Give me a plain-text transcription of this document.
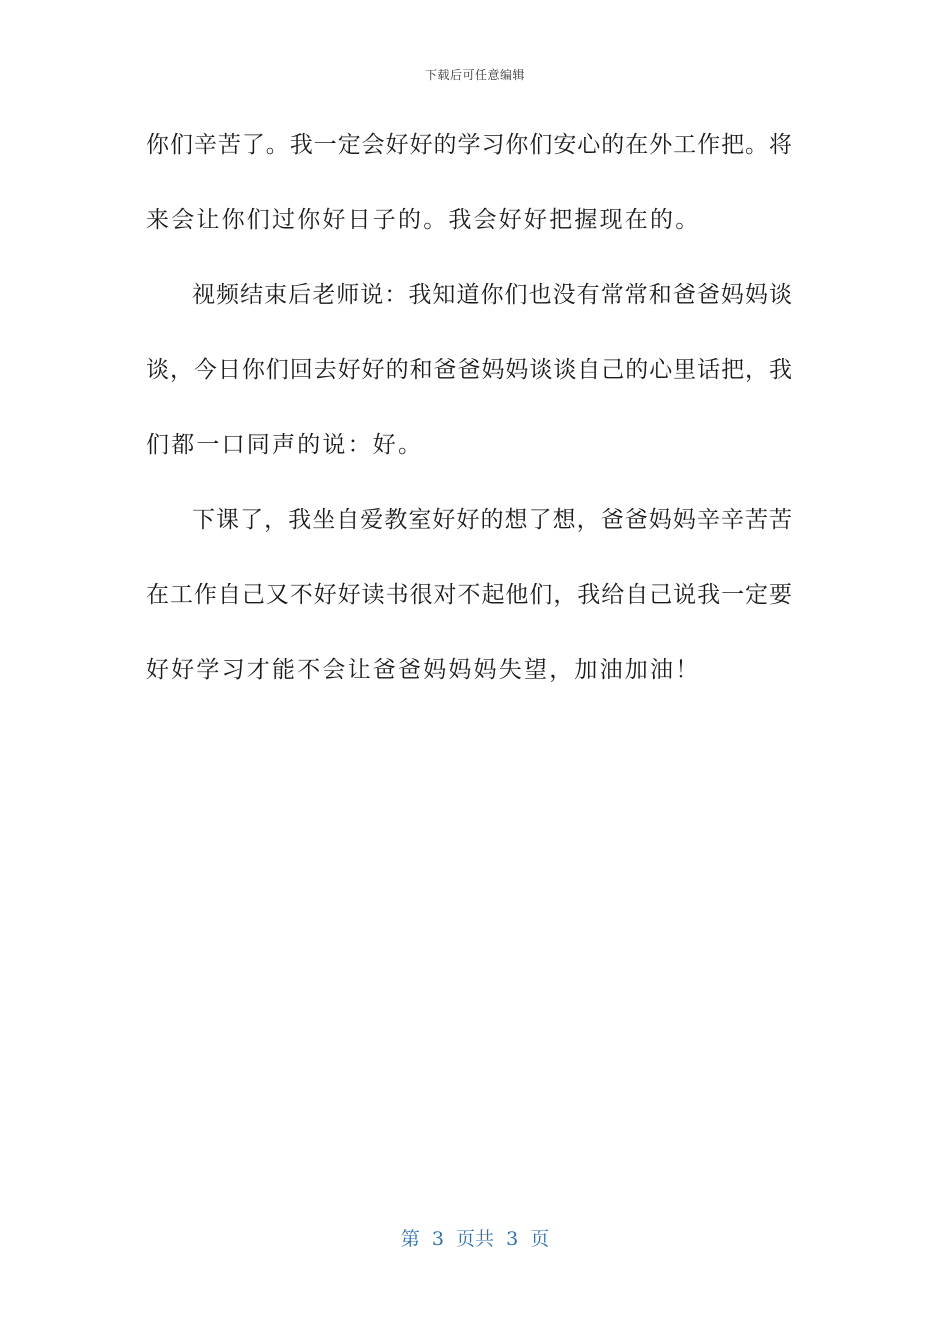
下载后可任意编辑
你们辛苦了。我一定会好好的学习你们安心的在外工作把。将
来会让你们过你好日子的。我会好好把握现在的。
视频结束后老师说：我知道你们也没有常常和爸爸妈妈谈
谈，今日你们回去好好的和爸爸妈妈谈谈自己的心里话把，我
们都一口同声的说：好。
下课了，我坐自爱教室好好的想了想，爸爸妈妈辛辛苦苦
在工作自己又不好好读书很对不起他们，我给自己说我一定要
好好学习才能不会让爸爸妈妈妈失望，加油加油！
第  3  页共  3  页
